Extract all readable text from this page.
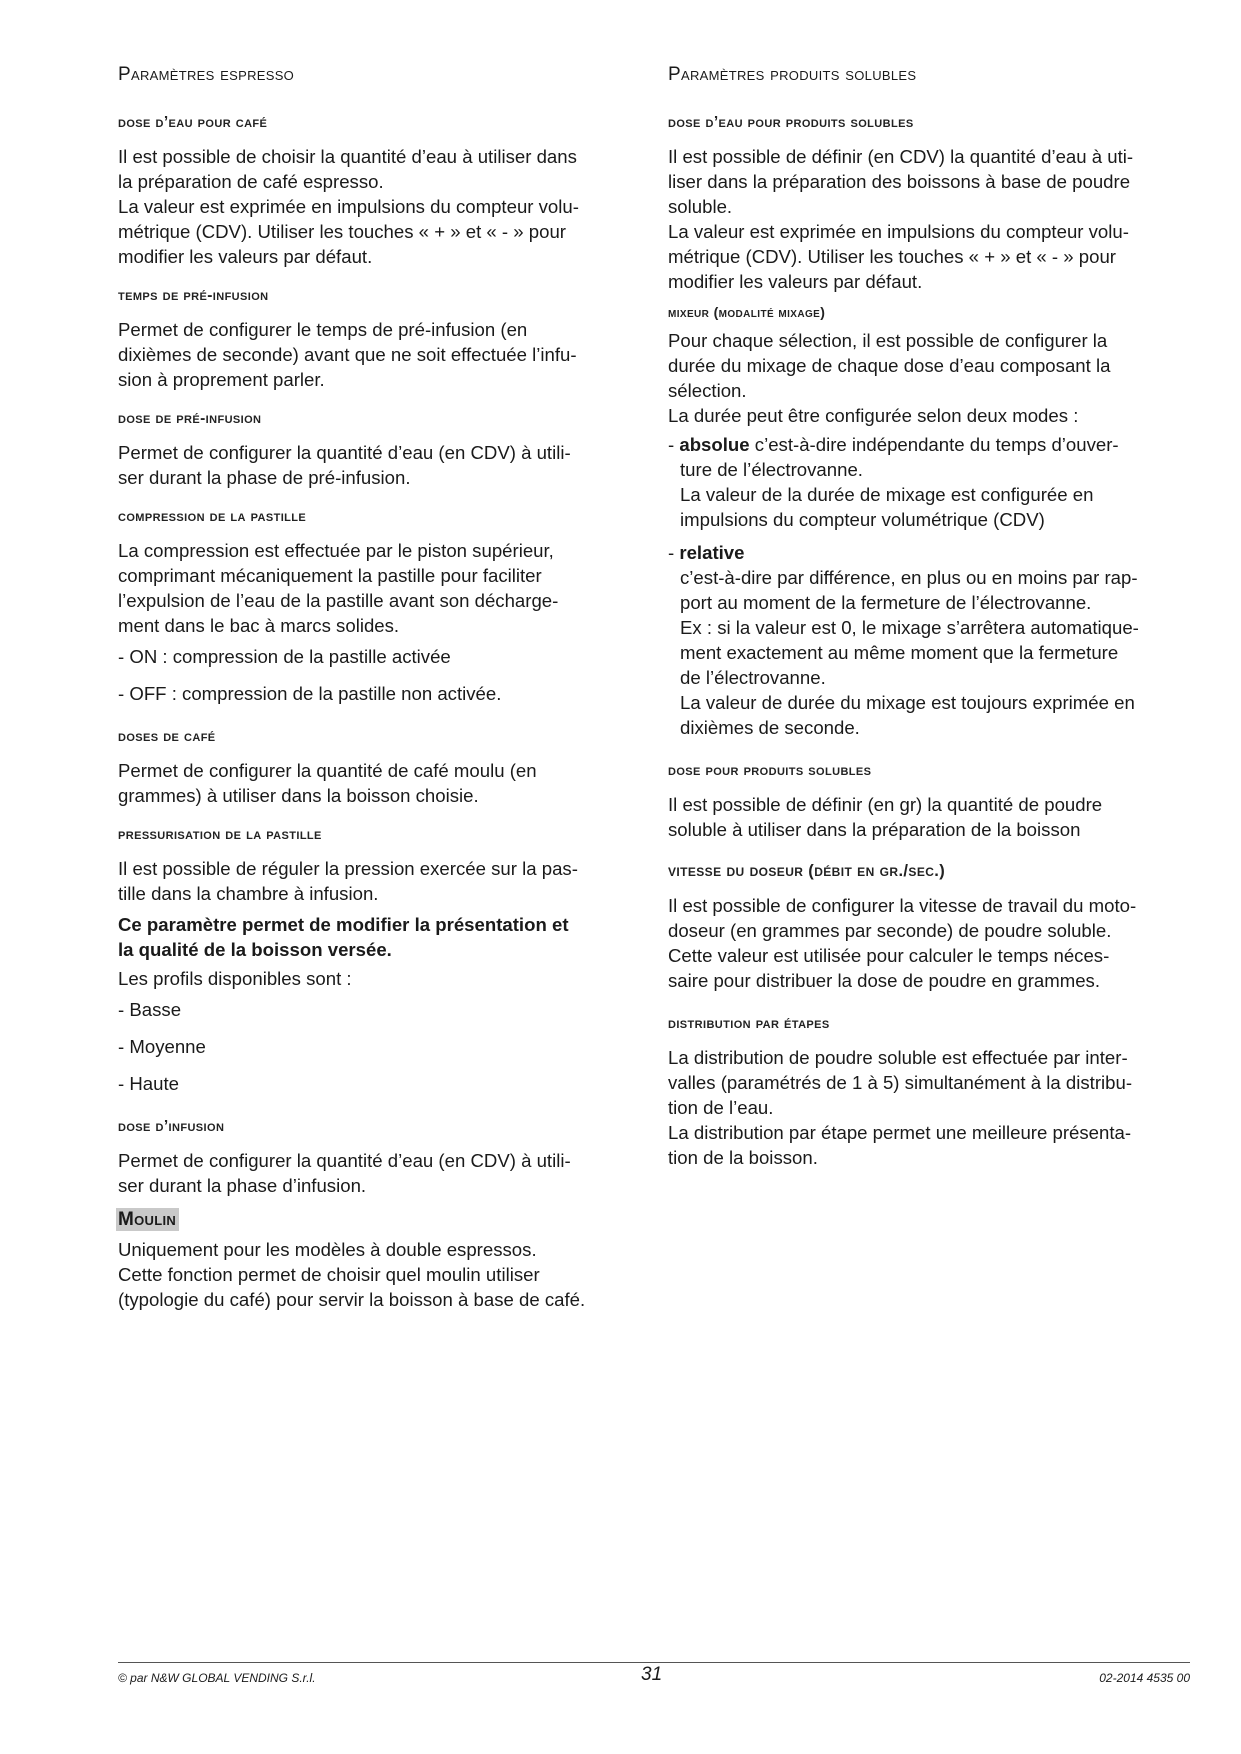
Paramètres espresso
dose d’eau pour café

Il est possible de choisir la quantité d’eau à utiliser dans

la préparation de café espresso.

La valeur est exprimée en impulsions du compteur volu-

métrique (CDV). Utiliser les touches « + » et « - » pour

modifier les valeurs par défaut.

temps de pré-infusion

Permet de configurer le temps de pré-infusion (en

dixièmes de seconde) avant que ne soit effectuée l’infu-

sion à proprement parler.

dose de pré-infusion

Permet de configurer la quantité d’eau (en CDV) à utili-

ser durant la phase de pré-infusion.

compression de la pastille

La compression est effectuée par le piston supérieur,

comprimant mécaniquement la pastille pour faciliter

l’expulsion de l’eau de la pastille avant son décharge-

ment dans le bac à marcs solides.

- ON : compression de la pastille activée

- OFF : compression de la pastille non activée.

doses de café

Permet de configurer la quantité de café moulu (en

grammes) à utiliser dans la boisson choisie.

pressurisation de la pastille

Il est possible de réguler la pression exercée sur la pas-

tille dans la chambre à infusion.

Ce paramètre permet de modifier la présentation et

la qualité de la boisson versée.

Les profils disponibles sont :

- Basse

- Moyenne

- Haute

dose d’infusion

Permet de configurer la quantité d’eau (en CDV) à utili-

ser durant la phase d’infusion.

Moulin

Uniquement pour les modèles à double espressos.

Cette fonction permet de choisir quel moulin utiliser

(typologie du café) pour servir la boisson à base de café.

Paramètres produits solubles
dose d’eau pour produits solubles

Il est possible de définir (en CDV) la quantité d’eau à uti-

liser dans la préparation des boissons à base de poudre

soluble.

La valeur est exprimée en impulsions du compteur volu-

métrique (CDV). Utiliser les touches « + » et « - » pour

modifier les valeurs par défaut.

mixeur (modalité mixage)

Pour chaque sélection, il est possible de configurer la

durée du mixage de chaque dose d’eau composant la

sélection.

La durée peut être configurée selon deux modes :

- absolue c’est-à-dire indépendante du temps d’ouver-

ture de l’électrovanne.

La valeur de la durée de mixage est configurée en

impulsions du compteur volumétrique (CDV)

- relative

c’est-à-dire par différence, en plus ou en moins par rap-

port au moment de la fermeture de l’électrovanne.

Ex : si la valeur est 0, le mixage s’arrêtera automatique-

ment exactement au même moment que la fermeture

de l’électrovanne.

La valeur de durée du mixage est toujours exprimée en

dixièmes de seconde.

dose pour produits solubles

Il est possible de définir (en gr) la quantité de poudre

soluble à utiliser dans la préparation de la boisson

vitesse du doseur (débit en gr./sec.)

Il est possible de configurer la vitesse de travail du moto-

doseur (en grammes par seconde) de poudre soluble.

Cette valeur est utilisée pour calculer le temps néces-

saire pour distribuer la dose de poudre en grammes.

distribution par étapes

La distribution de poudre soluble est effectuée par inter-

valles (paramétrés de 1 à 5) simultanément à la distribu-

tion de l’eau.

La distribution par étape permet une meilleure présenta-

tion de la boisson.

© par N&W GLOBAL VENDING S.r.l.	31	02-2014 4535 00
